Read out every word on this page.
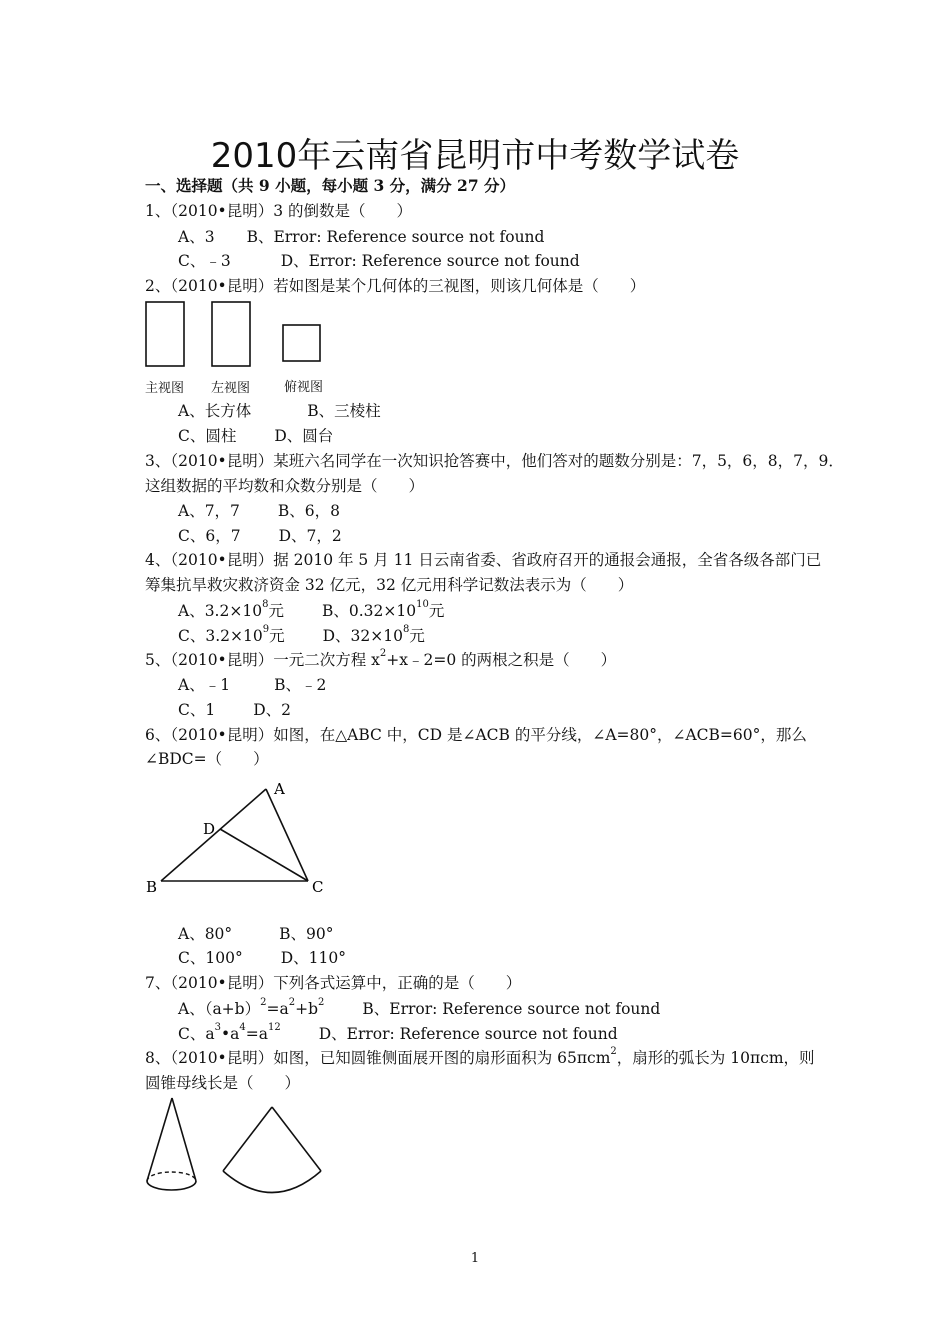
2010年云南省昆明市中考数学试卷
一、选择题（共 9 小题，每小题 3 分，满分 27 分）
1、（2010•昆明）3 的倒数是（　　）
A、3 B、Error: Reference source not found
C、﹣3	D、Error: Reference source not found
2、（2010•昆明）若如图是某个几何体的三视图，则该几何体是（　　）
主视图 左视图	俯视图
A、长方体	B、三棱柱
C、圆柱 D、圆台
3、（2010•昆明）某班六名同学在一次知识抢答赛中，他们答对的题数分别是：7，5，6，8，7，9．
这组数据的平均数和众数分别是（　　）
A、7，7 B、6，8
C、6，7 D、7，2
4、（2010•昆明）据 2010 年 5 月 11 日云南省委、省政府召开的通报会通报，全省各级各部门已
筹集抗旱救灾救济资金 32 亿元，32 亿元用科学记数法表示为（　　）
A、$3.2\times 10^8$元 B、$0.32\times 10^{10}$元
C、$3.2\times 10^9$元 D、$32\times 10^8$元
5、（2010•昆明）一元二次方程 $x^2+x﹣2=0$ 的两根之积是（　　）
A、﹣1	B、﹣2
C、1 D、2
6、（2010•昆明）如图，在△ABC 中，CD 是∠ACB 的平分线，∠A=80°，∠ACB=60°，那么
∠BDC=（　　）
A
B	C
D
A、80°	B、90°
C、100° D、110°
7、（2010•昆明）下列各式运算中，正确的是（　　）
A、$(a+b)^2=a^2+b^2$ B、Error: Reference source not found
C、$a^3•a^4=a^{12}$ D、Error: Reference source not found
8、（2010•昆明）如图，已知圆锥侧面展开图的扇形面积为 65πcm$^2$，扇形的弧长为 10πcm，则
圆锥母线长是（　　）
1
